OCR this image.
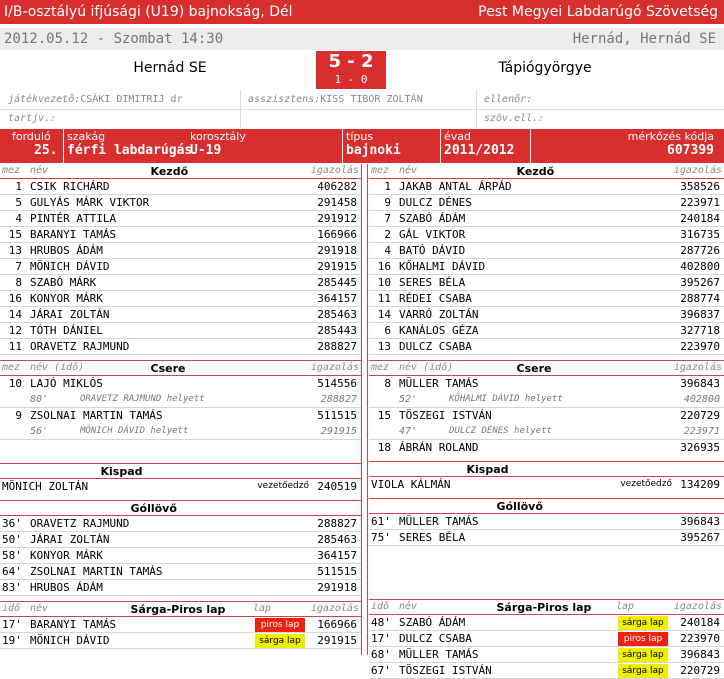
I/B-osztályú ifjúsági (U19) bajnokság, Dél	Pest Megyei Labdarúgó Szövetség
2012.05.12 - Szombat 14:30	Hernád, Hernád SE
Hernád SE	5 - 2
1 - 0
Tápiógyörgye
játékvezető:CSÁKI DIMITRIJ dr	asszisztens:KISS TIBOR ZOLTÁN	ellenőr:
tartjv.:	szöv.ell.:
forduló
25.
szakág
férfi labdarúgás
korosztály
U-19
típus
bajnoki
évad
2011/2012
mérkőzés kódja
607399
mez név	Kezdő	igazolás
1 CSIK RICHÁRD	406282
5 GULYÁS MÁRK VIKTOR	291458
4 PINTÉR ATTILA	291912
15 BARANYI TAMÁS	166966
13 HRUBOS ÁDÁM	291918
7 MÖNICH DÁVID	291915
8 SZABÓ MÁRK	285445
16 KONYOR MÁRK	364157
14 JÁRAI ZOLTÁN	285463
12 TÓTH DÁNIEL	285443
11 ORAVETZ RAJMUND	288827
mez név (idő)	Csere	igazolás
10 LAJÓ MIKLÓS	514556
80'	ORAVETZ RAJMUND helyett	288827
9 ZSOLNAI MARTIN TAMÁS	511515
56'	MÖNICH DÁVID helyett	291915
Kispad
MÖNICH ZOLTÁN	vezetőedző 240519
Góllövő
36' ORAVETZ RAJMUND	288827
50' JÁRAI ZOLTÁN	285463
58' KONYOR MÁRK	364157
64' ZSOLNAI MARTIN TAMÁS	511515
83' HRUBOS ÁDÁM	291918
idő név	Sárga-Piros lap	lap	igazolás
17' BARANYI TAMÁS	piros lap	166966
19' MÖNICH DÁVID	sárga lap	291915
mez név	Kezdő	igazolás
1 JAKAB ANTAL ÁRPÁD	358526
9 DULCZ DÉNES	223971
7 SZABÓ ÁDÁM	240184
2 GÁL VIKTOR	316735
4 BATÓ DÁVID	287726
16 KŐHALMI DÁVID	402800
10 SERES BÉLA	395267
11 RÉDEI CSABA	288774
14 VARRÓ ZOLTÁN	396837
6 KANÁLOS GÉZA	327718
13 DULCZ CSABA	223970
mez név (idő)	Csere	igazolás
8 MÜLLER TAMÁS	396843
52'	KŐHALMI DÁVID helyett	402800
15 TÖSZEGI ISTVÁN	220729
47'	DULCZ DÉNES helyett	223971
18 ÁBRÁN ROLAND	326935
Kispad
VIOLA KÁLMÁN	vezetőedző 134209
Góllövő
61' MÜLLER TAMÁS	396843
75' SERES BÉLA	395267
idő név	Sárga-Piros lap lap	igazolás
48' SZABÓ ÁDÁM	sárga lap	240184
17' DULCZ CSABA	piros lap	223970
68' MÜLLER TAMÁS	sárga lap	396843
67' TÖSZEGI ISTVÁN	sárga lap	220729
